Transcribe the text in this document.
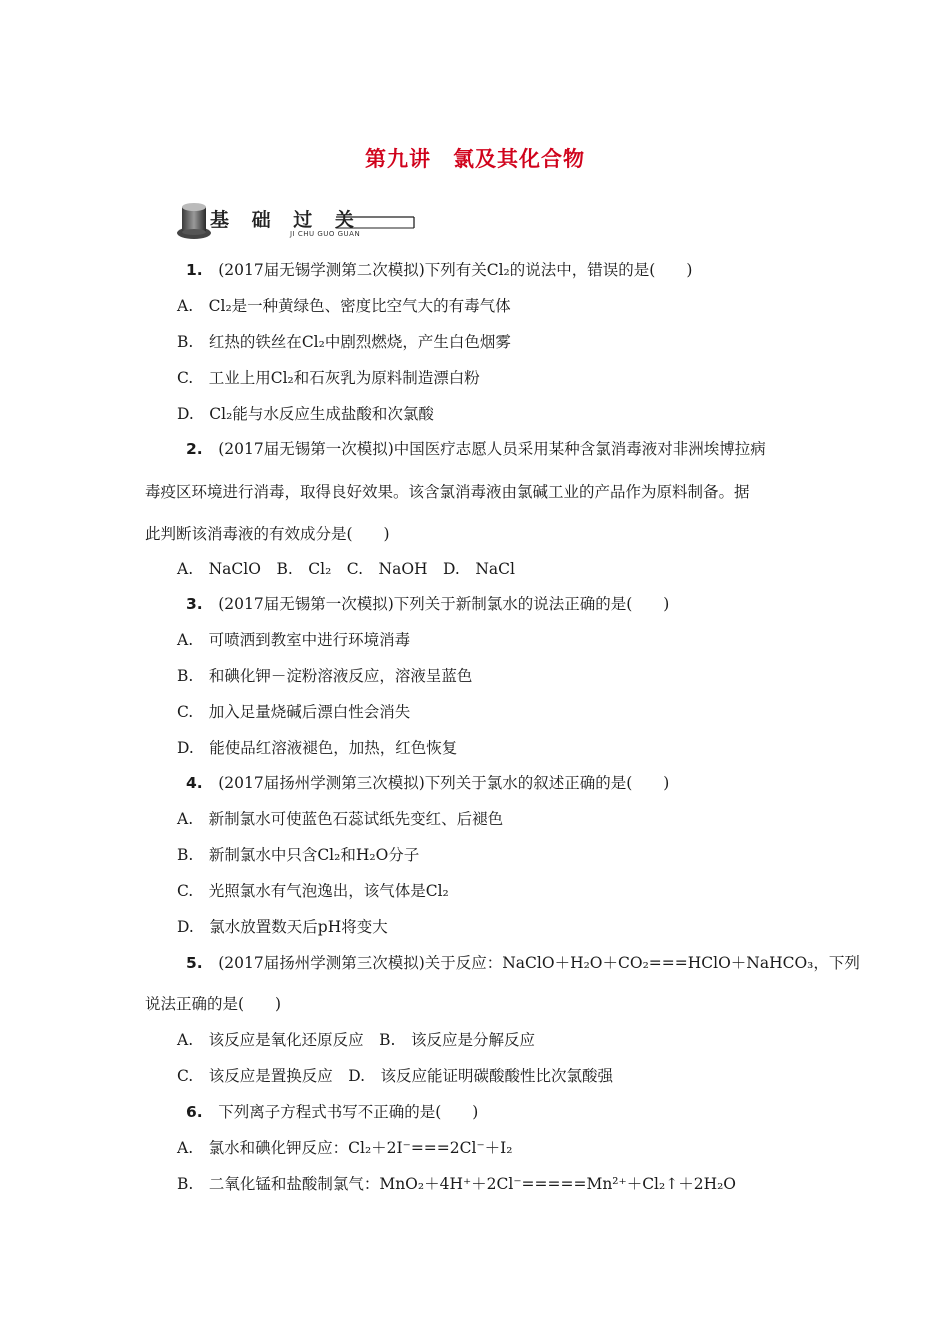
第九讲　氯及其化合物
基 础 过 关
JI CHU GUO GUAN
1.　 (2017届无锡学测第二次模拟)下列有关Cl₂的说法中，错误的是(　　)
A.　Cl₂是一种黄绿色、密度比空气大的有毒气体
B.　红热的铁丝在Cl₂中剧烈燃烧，产生白色烟雾
C.　工业上用Cl₂和石灰乳为原料制造漂白粉
D.　Cl₂能与水反应生成盐酸和次氯酸
2.　 (2017届无锡第一次模拟)中国医疗志愿人员采用某种含氯消毒液对非洲埃博拉病
毒疫区环境进行消毒，取得良好效果。该含氯消毒液由氯碱工业的产品作为原料制备。据
此判断该消毒液的有效成分是(　　)
A.　NaClO　B.　Cl₂　C.　NaOH　D.　NaCl
3.　 (2017届无锡第一次模拟)下列关于新制氯水的说法正确的是(　　)
A.　可喷洒到教室中进行环境消毒
B.　和碘化钾－淀粉溶液反应，溶液呈蓝色
C.　加入足量烧碱后漂白性会消失
D.　能使品红溶液褪色，加热，红色恢复
4.　 (2017届扬州学测第三次模拟)下列关于氯水的叙述正确的是(　　)
A.　新制氯水可使蓝色石蕊试纸先变红、后褪色
B.　新制氯水中只含Cl₂和H₂O分子
C.　光照氯水有气泡逸出，该气体是Cl₂
D.　氯水放置数天后pH将变大
5.　 (2017届扬州学测第三次模拟)关于反应：NaClO＋H₂O＋CO₂===HClO＋NaHCO₃，下列
说法正确的是(　　)
A.　该反应是氧化还原反应　B.　该反应是分解反应
C.　该反应是置换反应　D.　该反应能证明碳酸酸性比次氯酸强
6.　 下列离子方程式书写不正确的是(　　)
A.　氯水和碘化钾反应：Cl₂＋2I⁻===2Cl⁻＋I₂
B.　二氧化锰和盐酸制氯气：MnO₂＋4H⁺＋2Cl⁻=====Mn²⁺＋Cl₂↑＋2H₂O
